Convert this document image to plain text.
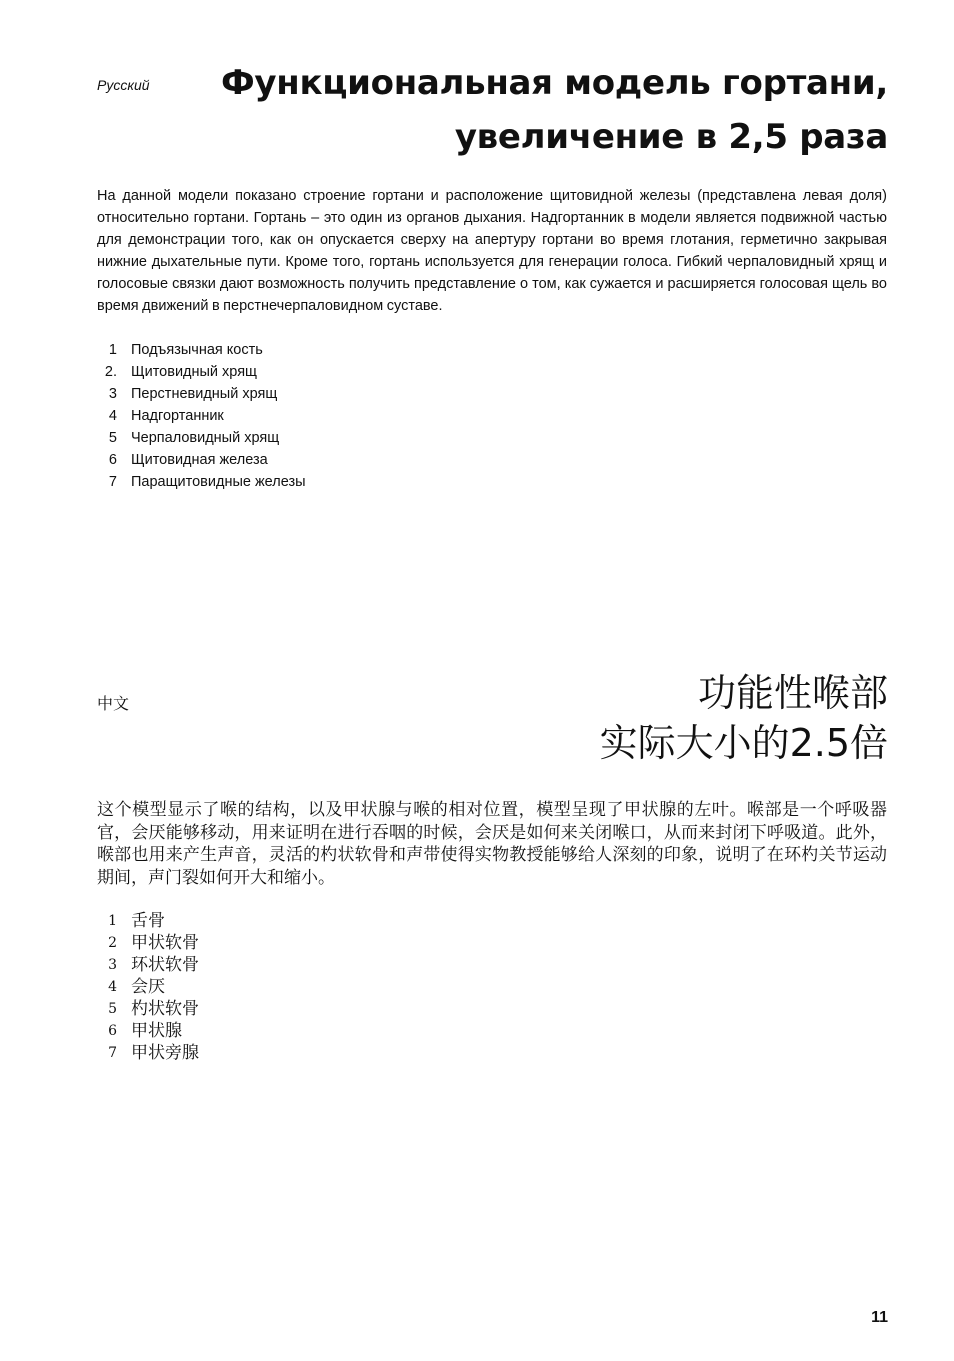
Русский	Функциональная модель гортани,
увеличение в 2,5 раза

На данной модели показано строение гортани и расположение щитовидной железы (представлена левая доля) относительно гортани. Гортань – это один из органов дыхания. Надгортанник в модели является подвижной частью для демонстрации того, как он опускается сверху на апертуру гортани во время глотания, герметично закрывая нижние дыхательные пути. Кроме того, гортань используется для генерации голоса. Гибкий черпаловидный хрящ и голосовые связки дают возможность получить представление о том, как сужается и расширяется голосовая щель во время движений в перстнечерпаловидном суставе.

1 Подъязычная кость
2. Щитовидный хрящ
3 Перстневидный хрящ
4 Надгортанник
5 Черпаловидный хрящ
6 Щитовидная железа
7 Паращитовидные железы
中文	功能性喉部
实际大小的2.5倍

这个模型显示了喉的结构，以及甲状腺与喉的相对位置，模型呈现了甲状腺的左叶。喉部是一个呼吸器官，会厌能够移动，用来证明在进行吞咽的时候，会厌是如何来关闭喉口，从而来封闭下呼吸道。此外，喉部也用来产生声音，灵活的杓状软骨和声带使得实物教授能够给人深刻的印象，说明了在环杓关节运动期间，声门裂如何开大和缩小。

1 舌骨
2 甲状软骨
3 环状软骨
4 会厌
5 杓状软骨
6 甲状腺
7 甲状旁腺
11
